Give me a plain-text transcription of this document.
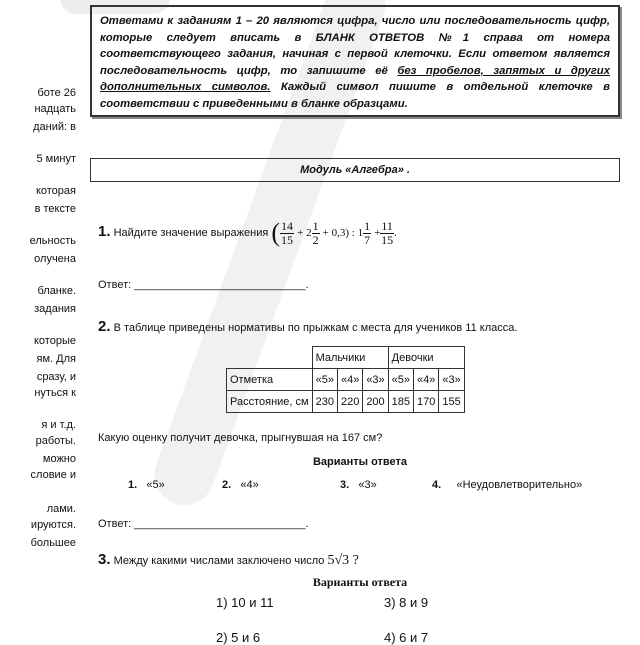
боте 26
надцать
даний: в
5 минут
которая
в тексте
ельность
олучена
бланке.
задания
которые
ям. Для
сразу, и
нуться к
я и т.д.
работы.
можно
словие и
лами.
ируются.
большее
Ответами к заданиям 1 – 20 являются цифра, число или последовательность цифр, которые следует вписать в БЛАНК ОТВЕТОВ №1 справа от номера соответствующего задания, начиная с первой клеточки. Если ответом является последовательность цифр, то запишите её без пробелов, запятых и других дополнительных символов. Каждый символ пишите в отдельной клеточке в соответствии с приведенными в бланке образцами.
Модуль «Алгебра» .
1. Найдите значение выражения ( $\frac{14}{15} + 2 \frac{1}{2} + 0,3$) : $1 \frac{1}{7} + \frac{11}{15}$ .
Ответ: ____________________________.
2. В таблице приведены нормативы по прыжкам с места для учеников 11 класса.
	Мальчики			Девочки		
Отметка	«5»	«4»	«3»	«5»	«4»	«3»
Расстояние, см	230	220	200	185	170	155
Какую оценку получит девочка, прыгнувшая на 167 см?
Варианты ответа
1. «5»	2. «4»	3. «3»	4. «Неудовлетворительно»
Ответ: ____________________________.
3. Между какими числами заключено число 5√3 ?
Варианты ответа
1) 10 и 11	3) 8 и 9
2) 5 и 6	4) 6 и 7
